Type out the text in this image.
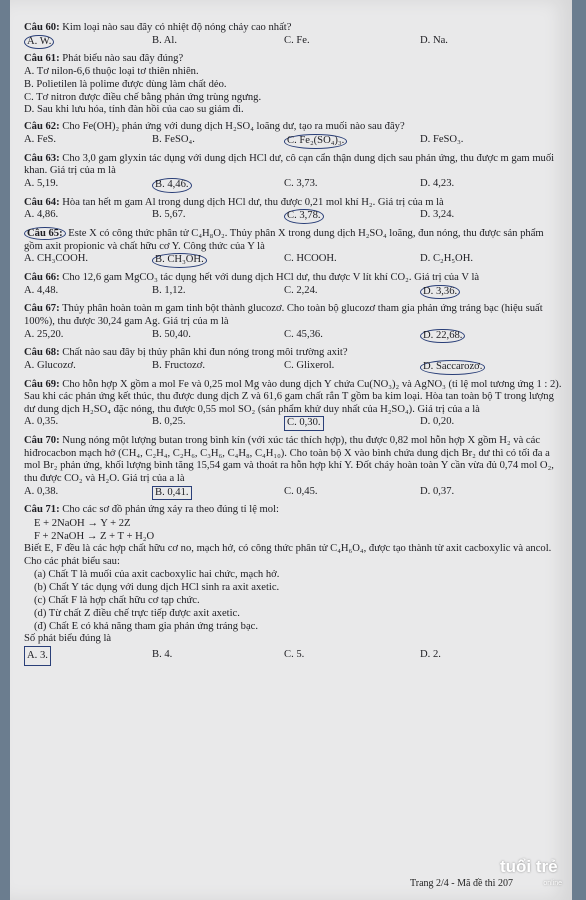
Câu 60: Kim loại nào sau đây có nhiệt độ nóng chảy cao nhất?
A. W.	B. Al.	C. Fe.	D. Na.
Câu 61: Phát biểu nào sau đây đúng?
A. Tơ nilon-6,6 thuộc loại tơ thiên nhiên.
B. Polietilen là polime được dùng làm chất dẻo.
C. Tơ nitron được điều chế bằng phản ứng trùng ngưng.
D. Sau khi lưu hóa, tính đàn hồi của cao su giảm đi.
Câu 62: Cho Fe(OH)₂ phản ứng với dung dịch H₂SO₄ loãng dư, tạo ra muối nào sau đây?
A. FeS.	B. FeSO₄.	C. Fe₂(SO₄)₃.	D. FeSO₃.
Câu 63: Cho 3,0 gam glyxin tác dụng với dung dịch HCl dư, cô cạn cẩn thận dung dịch sau phản ứng, thu được m gam muối khan. Giá trị của m là
A. 5,19.	B. 4,46.	C. 3,73.	D. 4,23.
Câu 64: Hòa tan hết m gam Al trong dung dịch HCl dư, thu được 0,21 mol khí H₂. Giá trị của m là
A. 4,86.	B. 5,67.	C. 3,78.	D. 3,24.
Câu 65: Este X có công thức phân tử C₄H₈O₂. Thủy phân X trong dung dịch H₂SO₄ loãng, đun nóng, thu được sản phẩm gồm axit propionic và chất hữu cơ Y. Công thức của Y là
A. CH₃COOH.	B. CH₃OH.	C. HCOOH.	D. C₂H₅OH.
Câu 66: Cho 12,6 gam MgCO₃ tác dụng hết với dung dịch HCl dư, thu được V lít khí CO₂. Giá trị của V là
A. 4,48.	B. 1,12.	C. 2,24.	D. 3,36.
Câu 67: Thủy phân hoàn toàn m gam tinh bột thành glucozơ. Cho toàn bộ glucozơ tham gia phản ứng tráng bạc (hiệu suất 100%), thu được 30,24 gam Ag. Giá trị của m là
A. 25,20.	B. 50,40.	C. 45,36.	D. 22,68.
Câu 68: Chất nào sau đây bị thủy phân khi đun nóng trong môi trường axit?
A. Glucozơ.	B. Fructozơ.	C. Glixerol.	D. Saccarozơ.
Câu 69: Cho hỗn hợp X gồm a mol Fe và 0,25 mol Mg vào dung dịch Y chứa Cu(NO₃)₂ và AgNO₃ (tỉ lệ mol tương ứng 1 : 2). Sau khi các phản ứng kết thúc, thu được dung dịch Z và 61,6 gam chất rắn T gồm ba kim loại. Hòa tan toàn bộ T trong lượng dư dung dịch H₂SO₄ đặc nóng, thu được 0,55 mol SO₂ (sản phẩm khử duy nhất của H₂SO₄). Giá trị của a là
A. 0,35.	B. 0,25.	C. 0,30.	D. 0,20.
Câu 70: Nung nóng một lượng butan trong bình kín (với xúc tác thích hợp), thu được 0,82 mol hỗn hợp X gồm H₂ và các hiđrocacbon mạch hở (CH₄, C₂H₄, C₂H₆, C₃H₆, C₄H₈, C₄H₁₀). Cho toàn bộ X vào bình chứa dung dịch Br₂ dư thì có tối đa a mol Br₂ phản ứng, khối lượng bình tăng 15,54 gam và thoát ra hỗn hợp khí Y. Đốt cháy hoàn toàn Y cần vừa đủ 0,74 mol O₂, thu được CO₂ và H₂O. Giá trị của a là
A. 0,38.	B. 0,41.	C. 0,45.	D. 0,37.
Câu 71: Cho các sơ đồ phản ứng xảy ra theo đúng tỉ lệ mol:
E + 2NaOH → Y + 2Z
F + 2NaOH → Z + T + H₂O
Biết E, F đều là các hợp chất hữu cơ no, mạch hở, có công thức phân tử C₄H₆O₄, được tạo thành từ axit cacboxylic và ancol.
Cho các phát biểu sau:
(a) Chất T là muối của axit cacboxylic hai chức, mạch hở.
(b) Chất Y tác dụng với dung dịch HCl sinh ra axit axetic.
(c) Chất F là hợp chất hữu cơ tạp chức.
(d) Từ chất Z điều chế trực tiếp được axit axetic.
(đ) Chất E có khả năng tham gia phản ứng tráng bạc.
Số phát biểu đúng là
A. 3.	B. 4.	C. 5.	D. 2.
Trang 2/4 - Mã đề thi 207
tuổi trẻ
online
